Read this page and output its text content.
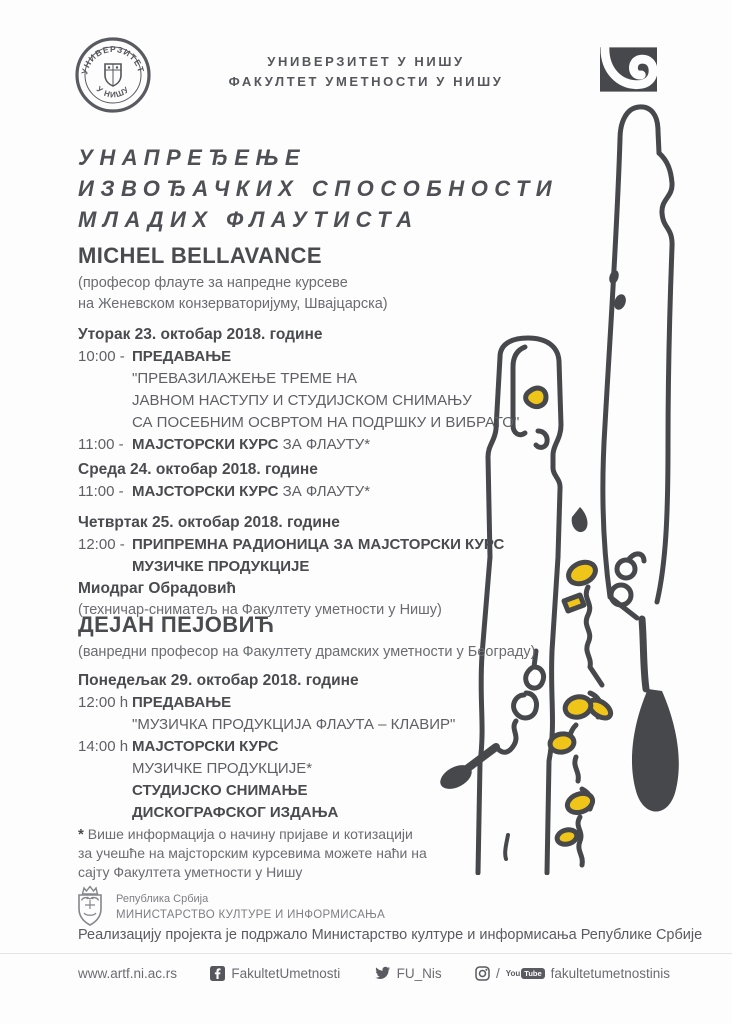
УНИВЕРЗИТЕТ
У НИШУ
УНИВЕРЗИТЕТ У НИШУ
ФАКУЛТЕТ УМЕТНОСТИ У НИШУ
УНАПРЕЂЕЊЕ
ИЗВОЂАЧКИХ СПОСОБНОСТИ
МЛАДИХ ФЛАУТИСТА
MICHEL BELLAVANCE
(професор флауте за напредне курсеве
на Женевском конзерваторијуму, Швајцарска)
Уторак 23. октобар 2018. године
10:00 - ПРЕДАВАЊЕ
"ПРЕВАЗИЛАЖЕЊЕ ТРЕМЕ НА
ЈАВНОМ НАСТУПУ И СТУДИЈСКОМ СНИМАЊУ
СА ПОСЕБНИМ ОСВРТОМ НА ПОДРШКУ И ВИБРАТО"
11:00 - МАЈСТОРСКИ КУРС ЗА ФЛАУТУ*
Среда 24. октобар 2018. године
11:00 - МАЈСТОРСКИ КУРС ЗА ФЛАУТУ*
Четвртак 25. октобар 2018. године
12:00 - ПРИПРЕМНА РАДИОНИЦА ЗА МАЈСТОРСКИ КУРС
МУЗИЧКЕ ПРОДУКЦИЈЕ
Миодраг Обрадовић
(техничар-сниматељ на Факултету уметности у Нишу)
ДЕЈАН ПЕЈОВИЋ
(ванредни професор на Факултету драмских уметности у Београду)
Понедељак 29. октобар 2018. године
12:00 h ПРЕДАВАЊЕ
"МУЗИЧКА ПРОДУКЦИЈА ФЛАУТА – КЛАВИР"
14:00 h МАЈСТОРСКИ КУРС
МУЗИЧКЕ ПРОДУКЦИЈЕ*
СТУДИЈСКО СНИМАЊЕ
ДИСКОГРАФСКОГ ИЗДАЊА
* Више информација о начину пријаве и котизацији
за учешће на мајсторским курсевима можете наћи на
сајту Факултета уметности у Нишу
Република Србија
МИНИСТАРСТВО КУЛТУРЕ И ИНФОРМИСАЊА
Реализацију пројекта је подржало Министарство културе и информисања Републике Србије
www.artf.ni.ac.rs	FakultetUmetnosti	FU_Nis	/ You Tube fakultetumetnostinis
